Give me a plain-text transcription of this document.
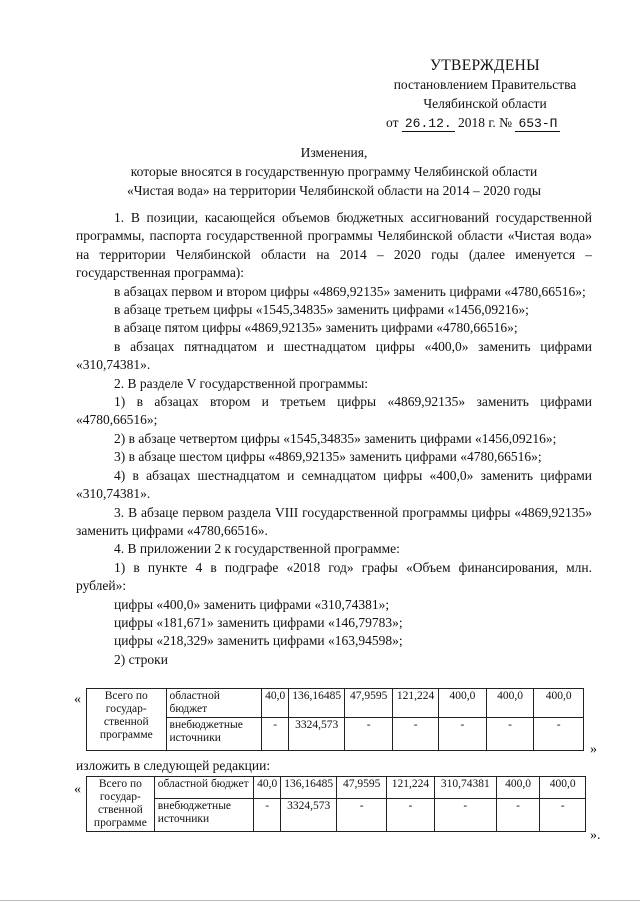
УТВЕРЖДЕНЫ
постановлением Правительства
Челябинской области
от 26.12. 2018 г. № 653-П
Изменения,
которые вносятся в государственную программу Челябинской области
«Чистая вода» на территории Челябинской области на 2014 – 2020 годы

1. В позиции, касающейся объемов бюджетных ассигнований государственной программы, паспорта государственной программы Челябинской области «Чистая вода» на территории Челябинской области на 2014 – 2020 годы (далее именуется – государственная программа):

в абзацах первом и втором цифры «4869,92135» заменить цифрами «4780,66516»;

в абзаце третьем цифры «1545,34835» заменить цифрами «1456,09216»;

в абзаце пятом цифры «4869,92135» заменить цифрами «4780,66516»;

в абзацах пятнадцатом и шестнадцатом цифры «400,0» заменить цифрами «310,74381».

2. В разделе V государственной программы:

1) в абзацах втором и третьем цифры «4869,92135» заменить цифрами «4780,66516»;

2) в абзаце четвертом цифры «1545,34835» заменить цифрами «1456,09216»;

3) в абзаце шестом цифры «4869,92135» заменить цифрами «4780,66516»;

4) в абзацах шестнадцатом и семнадцатом цифры «400,0» заменить цифрами «310,74381».

3. В абзаце первом раздела VIII государственной программы цифры «4869,92135» заменить цифрами «4780,66516».

4. В приложении 2 к государственной программе:

1) в пункте 4 в подграфе «2018 год» графы «Объем финансирования, млн. рублей»:

цифры «400,0» заменить цифрами «310,74381»;

цифры «181,671» заменить цифрами «146,79783»;

цифры «218,329» заменить цифрами «163,94598»;

2) строки

« Всего по государ- ственной программе	областной бюджет	40,0	136,16485	47,9595	121,224	400,0	400,0	400,0
	внебюджетные источники	-	3324,573	-	-	-	-	-
»
изложить в следующей редакции:
« Всего по государ- ственной программе	областной бюджет	40,0	136,16485	47,9595	121,224	310,74381	400,0	400,0
	внебюджетные источники	-	3324,573	-	-	-	-	-
».
